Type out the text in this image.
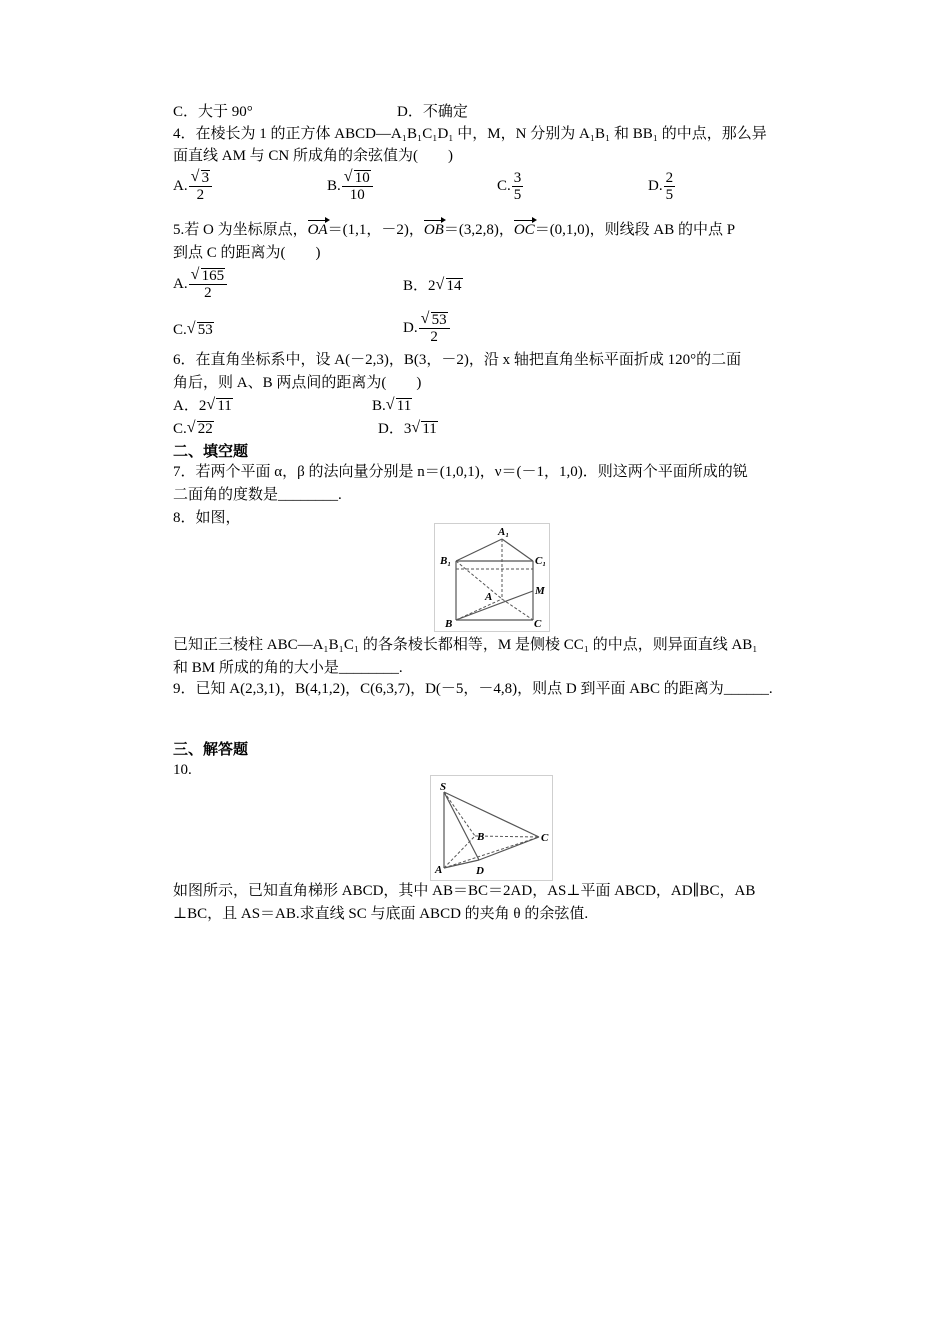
C．大于 90°	D．不确定
4．在棱长为 1 的正方体 ABCD—A₁B₁C₁D₁ 中，M，N 分别为 A₁B₁ 和 BB₁ 的中点，那么异
面直线 AM 与 CN 所成角的余弦值为(　　)
A. √ $\frac{3}{2}$	B. √ $\frac{10}{10}$	C. $\frac{3}{5}$	D. $\frac{2}{5}$
5.若 O 为坐标原点，OA＝(1,1，－2)，OB＝(3,2,8)，OC＝(0,1,0)，则线段 AB 的中点 P
到点 C 的距离为(　　)
A. √ $\frac{165}{2}$	B．2 √ 14
C. √ 53	D. √ $\frac{53}{2}$
6．在直角坐标系中，设 A(－2,3)，B(3，－2)，沿 x 轴把直角坐标平面折成 120°的二面
角后，则 A、B 两点间的距离为(　　)
A．2 √ 11	B. √ 11
C. √ 22	D．3 √ 11
二、填空题
7．若两个平面 α，β 的法向量分别是 n＝(1,0,1)，ν＝(－1，1,0)．则这两个平面所成的锐
二面角的度数是________.
8．如图，
A₁
B₁	C₁
A	M
B	C
已知正三棱柱 ABC—A₁B₁C₁ 的各条棱长都相等，M 是侧棱 CC₁ 的中点，则异面直线 AB₁
和 BM 所成的角的大小是________.
9．已知 A(2,3,1)，B(4,1,2)，C(6,3,7)，D(－5，－4,8)，则点 D 到平面 ABC 的距离为______.
三、解答题
10.
S
B	C
A	D
如图所示，已知直角梯形 ABCD，其中 AB＝BC＝2AD，AS⊥平面 ABCD，AD∥BC，AB
⊥BC，且 AS＝AB.求直线 SC 与底面 ABCD 的夹角 θ 的余弦值.
